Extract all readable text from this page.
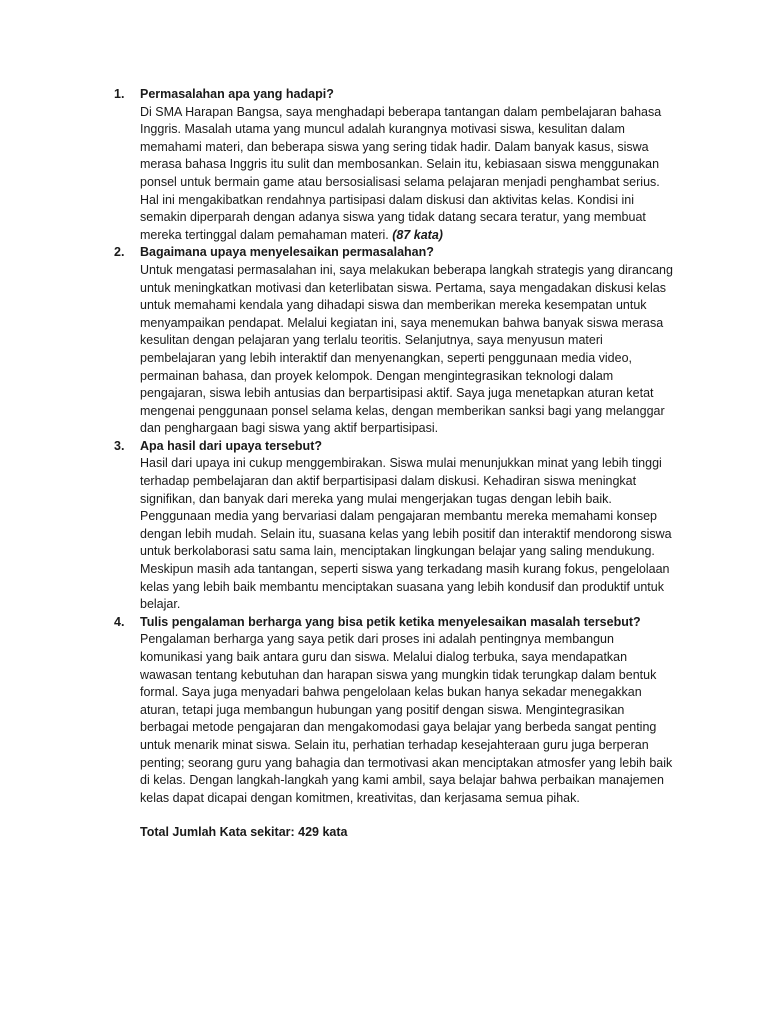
1. Permasalahan apa yang hadapi?

Di SMA Harapan Bangsa, saya menghadapi beberapa tantangan dalam pembelajaran bahasa Inggris. Masalah utama yang muncul adalah kurangnya motivasi siswa, kesulitan dalam memahami materi, dan beberapa siswa yang sering tidak hadir. Dalam banyak kasus, siswa merasa bahasa Inggris itu sulit dan membosankan. Selain itu, kebiasaan siswa menggunakan ponsel untuk bermain game atau bersosialisasi selama pelajaran menjadi penghambat serius. Hal ini mengakibatkan rendahnya partisipasi dalam diskusi dan aktivitas kelas. Kondisi ini semakin diperparah dengan adanya siswa yang tidak datang secara teratur, yang membuat mereka tertinggal dalam pemahaman materi. (87 kata)

2. Bagaimana upaya menyelesaikan permasalahan?

Untuk mengatasi permasalahan ini, saya melakukan beberapa langkah strategis yang dirancang untuk meningkatkan motivasi dan keterlibatan siswa. Pertama, saya mengadakan diskusi kelas untuk memahami kendala yang dihadapi siswa dan memberikan mereka kesempatan untuk menyampaikan pendapat. Melalui kegiatan ini, saya menemukan bahwa banyak siswa merasa kesulitan dengan pelajaran yang terlalu teoritis. Selanjutnya, saya menyusun materi pembelajaran yang lebih interaktif dan menyenangkan, seperti penggunaan media video, permainan bahasa, dan proyek kelompok. Dengan mengintegrasikan teknologi dalam pengajaran, siswa lebih antusias dan berpartisipasi aktif. Saya juga menetapkan aturan ketat mengenai penggunaan ponsel selama kelas, dengan memberikan sanksi bagi yang melanggar dan penghargaan bagi siswa yang aktif berpartisipasi.

3. Apa hasil dari upaya tersebut?

Hasil dari upaya ini cukup menggembirakan. Siswa mulai menunjukkan minat yang lebih tinggi terhadap pembelajaran dan aktif berpartisipasi dalam diskusi. Kehadiran siswa meningkat signifikan, dan banyak dari mereka yang mulai mengerjakan tugas dengan lebih baik. Penggunaan media yang bervariasi dalam pengajaran membantu mereka memahami konsep dengan lebih mudah. Selain itu, suasana kelas yang lebih positif dan interaktif mendorong siswa untuk berkolaborasi satu sama lain, menciptakan lingkungan belajar yang saling mendukung. Meskipun masih ada tantangan, seperti siswa yang terkadang masih kurang fokus, pengelolaan kelas yang lebih baik membantu menciptakan suasana yang lebih kondusif dan produktif untuk belajar.

4. Tulis pengalaman berharga yang bisa petik ketika menyelesaikan masalah tersebut?

Pengalaman berharga yang saya petik dari proses ini adalah pentingnya membangun komunikasi yang baik antara guru dan siswa. Melalui dialog terbuka, saya mendapatkan wawasan tentang kebutuhan dan harapan siswa yang mungkin tidak terungkap dalam bentuk formal. Saya juga menyadari bahwa pengelolaan kelas bukan hanya sekadar menegakkan aturan, tetapi juga membangun hubungan yang positif dengan siswa. Mengintegrasikan berbagai metode pengajaran dan mengakomodasi gaya belajar yang berbeda sangat penting untuk menarik minat siswa. Selain itu, perhatian terhadap kesejahteraan guru juga berperan penting; seorang guru yang bahagia dan termotivasi akan menciptakan atmosfer yang lebih baik di kelas. Dengan langkah-langkah yang kami ambil, saya belajar bahwa perbaikan manajemen kelas dapat dicapai dengan komitmen, kreativitas, dan kerjasama semua pihak.

Total Jumlah Kata sekitar: 429 kata
